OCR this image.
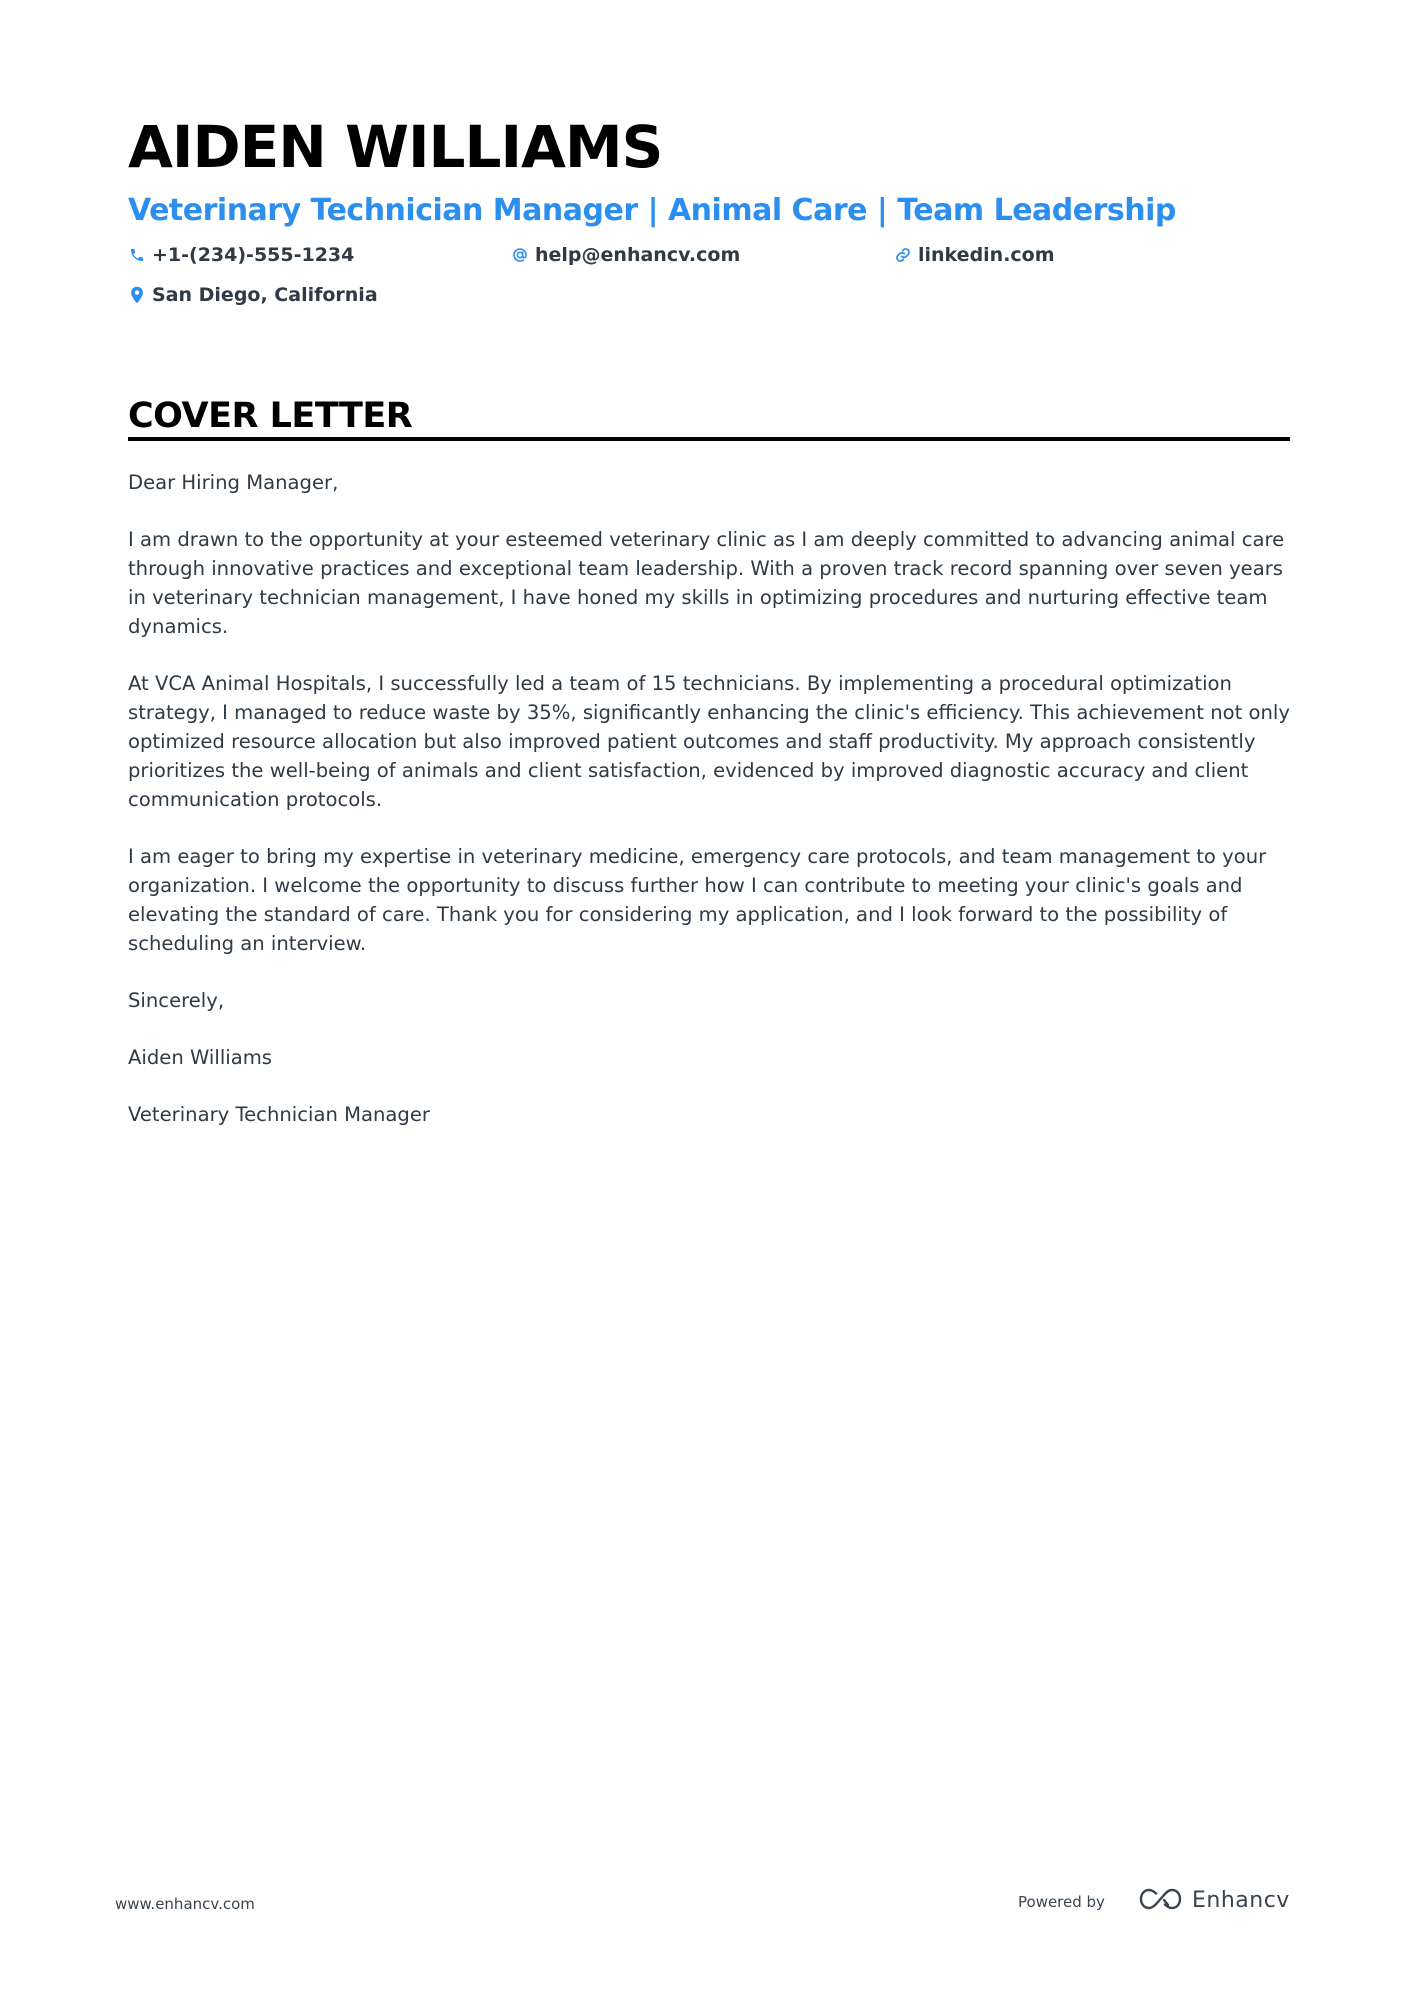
AIDEN WILLIAMS
Veterinary Technician Manager | Animal Care | Team Leadership
+1-(234)-555-1234	help@enhancv.com	linkedin.com
San Diego, California
COVER LETTER

Dear Hiring Manager,

I am drawn to the opportunity at your esteemed veterinary clinic as I am deeply committed to advancing animal care through innovative practices and exceptional team leadership. With a proven track record spanning over seven years in veterinary technician management, I have honed my skills in optimizing procedures and nurturing effective team dynamics.

At VCA Animal Hospitals, I successfully led a team of 15 technicians. By implementing a procedural optimization strategy, I managed to reduce waste by 35%, significantly enhancing the clinic's efficiency. This achievement not only optimized resource allocation but also improved patient outcomes and staff productivity. My approach consistently prioritizes the well-being of animals and client satisfaction, evidenced by improved diagnostic accuracy and client communication protocols.

I am eager to bring my expertise in veterinary medicine, emergency care protocols, and team management to your organization. I welcome the opportunity to discuss further how I can contribute to meeting your clinic's goals and elevating the standard of care. Thank you for considering my application, and I look forward to the possibility of scheduling an interview.

Sincerely,

Aiden Williams

Veterinary Technician Manager

www.enhancv.com	Powered by	Enhancv
